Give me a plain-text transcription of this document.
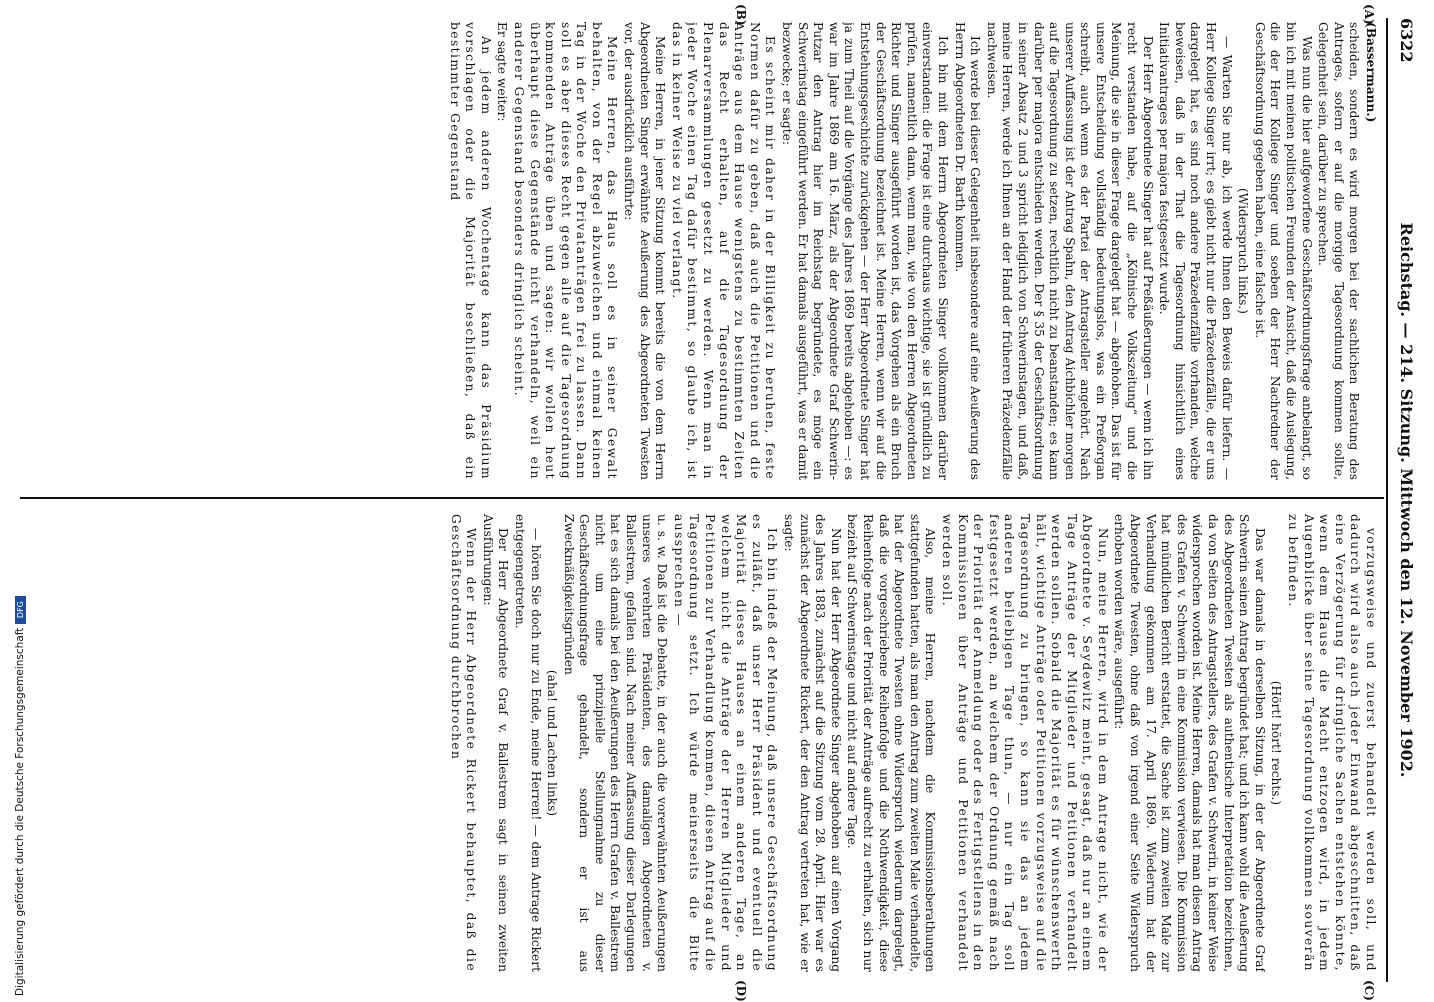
6322
Reichstag. — 214. Sitzung. Mittwoch den 12. November 1902.
(A)
(B)
(C)
(D)

(Bassermann.)

scheiden, sondern es wird morgen bei der sachlichen Beratung des Antrages, sofern er auf die morgige Tagesordnung kommen sollte, Gelegenheit sein, darüber zu sprechen.

Was nun die hier aufgeworfene Geschäftsordnungsfrage anbelangt, so bin ich mit meinen politischen Freunden der Ansicht, daß die Auslegung, die der Herr Kollege Singer und soeben der Herr Nachredner der Geschäftsordnung gegeben haben, eine falsche ist.

(Widerspruch links.)

— Warten Sie nur ab, ich werde Ihnen den Beweis dafür liefern. — Herr Kollege Singer irrt; es giebt nicht nur die Präzedenzfälle, die er uns dargelegt hat, es sind noch andere Präzedenzfälle vorhanden, welche beweisen, daß in der That die Tagesordnung hinsichtlich eines Initiativantrages per majora festgesetzt wurde.

Der Herr Abgeordnete Singer hat auf Preßäußerungen — wenn ich ihn recht verstanden habe, auf die „Kölnische Volkszeitung“ und die Meinung, die sie in dieser Frage dargelegt hat — abgehoben. Das ist für unsere Entscheidung vollständig bedeutungslos, was ein Preßorgan schreibt, auch wenn es der Partei der Antragsteller angehört. Nach unserer Auffassung ist der Antrag Spahn, den Antrag Aichbichler morgen auf die Tagesordnung zu setzen, rechtlich nicht zu beanstanden; es kann darüber per majora entschieden werden. Der § 35 der Geschäftsordnung in seiner Absatz 2 und 3 spricht lediglich von Schwerinstagen, und daß, meine Herren, werde ich Ihnen an der Hand der früheren Präzedenzfälle nachweisen.

Ich werde bei dieser Gelegenheit insbesondere auf eine Aeußerung des Herrn Abgeordneten Dr. Barth kommen.

Ich bin mit dem Herrn Abgeordneten Singer vollkommen darüber einverstanden: die Frage ist eine durchaus wichtige, sie ist gründlich zu prüfen, namentlich dann, wenn man, wie von den Herren Abgeordneten Richter und Singer ausgeführt worden ist, das Vorgehen als ein Bruch der Geschäftsordnung bezeichnet ist. Meine Herren, wenn wir auf die Entstehungsgeschichte zurückgehen — der Herr Abgeordnete Singer hat ja zum Theil auf die Vorgänge des Jahres 1869 bereits abgehoben —: es war im Jahre 1869 am 16. März, als der Abgeordnete Graf Schwerin-Putzar den Antrag hier im Reichstag begründete, es möge ein Schwerinstag eingeführt werden. Er hat damals ausgeführt, was er damit bezwecke; er sagte:

Es scheint mir daher in der Billigkeit zu beruhen, feste Normen dafür zu geben, daß auch die Petitionen und die Anträge aus dem Hause wenigstens zu bestimmten Zeiten das Recht erhalten, auf die Tagesordnung der Plenarversammlungen gesetzt zu werden. Wenn man in jeder Woche einen Tag dafür bestimmt, so glaube ich, ist das in keiner Weise zu viel verlangt.

Meine Herren, in jener Sitzung kommt bereits die von dem Herrn Abgeordneten Singer erwähnte Aeußerung des Abgeordneten Twesten vor, der ausdrücklich ausführte:

Meine Herren, das Haus soll es in seiner Gewalt behalten, von der Regel abzuweichen und einmal keinen Tag in der Woche den Privatanträgen frei zu lassen. Dann soll es aber dieses Recht gegen alle auf die Tagesordnung kommenden Anträge üben und sagen: wir wollen heut überhaupt diese Gegenstände nicht verhandeln, weil ein anderer Gegenstand besonders dringlich scheint.

Er sagte weiter:

An jedem anderen Wochentage kann das Präsidium vorschlagen oder die Majorität beschließen, daß ein bestimmter Gegenstand

vorzugsweise und zuerst behandelt werden soll, und dadurch wird also auch jeder Einwand abgeschnitten, daß eine Verzögerung für dringliche Sachen entstehen könnte, wenn dem Hause die Macht entzogen wird, in jedem Augenblicke über seine Tagesordnung vollkommen souverän zu befinden.

(Hört! hört! rechts.)

Das war damals in derselben Sitzung, in der der Abgeordnete Graf Schwerin seinen Antrag begründet hat; und ich kann wohl die Aeußerung des Abgeordneten Twesten als authentische Interpretation bezeichnen, da von Seiten des Antragstellers, des Grafen v. Schwerin, in keiner Weise widersprochen worden ist. Meine Herren, damals hat man diesen Antrag des Grafen v. Schwerin in eine Kommission verwiesen. Die Kommission hat mündlichen Bericht erstattet, die Sache ist zum zweiten Male zur Verhandlung gekommen am 17. April 1869. Wiederum hat der Abgeordnete Twesten, ohne daß von irgend einer Seite Widerspruch erhoben worden wäre, ausgeführt:

Nun, meine Herren, wird in dem Antrage nicht, wie der Abgeordnete v. Seydewitz meint, gesagt, daß nur an einem Tage Anträge der Mitglieder und Petitionen verhandelt werden sollen. Sobald die Majorität es für wünschenswerth hält, wichtige Anträge oder Petitionen vorzugsweise auf die Tagesordnung zu bringen, so kann sie das an jedem anderen beliebigen Tage thun, — nur ein Tag soll festgesetzt werden, an welchem der Ordnung gemäß nach der Priorität der Anmeldung oder des Fertigstellens in den Kommissionen über Anträge und Petitionen verhandelt werden soll.

Also, meine Herren, nachdem die Kommissionsberathungen stattgefunden hatten, als man den Antrag zum zweiten Male verhandelte, hat der Abgeordnete Twesten ohne Widerspruch wiederum dargelegt, daß die vorgeschriebene Reihenfolge und die Nothwendigkeit, diese Reihenfolge nach der Priorität der Anträge aufrecht zu erhalten, sich nur bezieht auf Schwerinstage und nicht auf andere Tage.

Nun hat der Herr Abgeordnete Singer abgehoben auf einen Vorgang des Jahres 1883, zunächst auf die Sitzung vom 28. April. Hier war es zunächst der Abgeordnete Rickert, der den Antrag vertreten hat, wie er sagte:

Ich bin indeß der Meinung, daß unsere Geschäftsordnung es zuläßt, daß unser Herr Präsident und eventuell die Majorität dieses Hauses an einem anderen Tage, an welchem nicht die Anträge der Herren Mitglieder und Petitionen zur Verhandlung kommen, diesen Antrag auf die Tagesordnung setzt. Ich würde meinerseits die Bitte aussprechen —

u. s. w. Daß ist die Debatte, in der auch die vorerwähnten Aeußerungen unseres verehrten Präsidenten, des damaligen Abgeordneten v. Ballestrem, gefallen sind. Nach meiner Auffassung dieser Darlegungen hat es sich damals bei den Aeußerungen des Herrn Grafen v. Ballestrem nicht um eine prinzipielle Stellungnahme zu dieser Geschäftsordnungsfrage gehandelt, sondern er ist aus Zweckmäßigkeitsgründen

(aha! und Lachen links)

— hören Sie doch nur zu Ende, meine Herren! — dem Antrage Rickert entgegengetreten.

Der Herr Abgeordnete Graf v. Ballestrem sagt in seinen zweiten Ausführungen:

Wenn der Herr Abgeordnete Rickert behauptet, daß die Geschäftsordnung durchbrochen

Digitalisierung gefördert durch die Deutsche ForschungsgemeinschaftDFG
